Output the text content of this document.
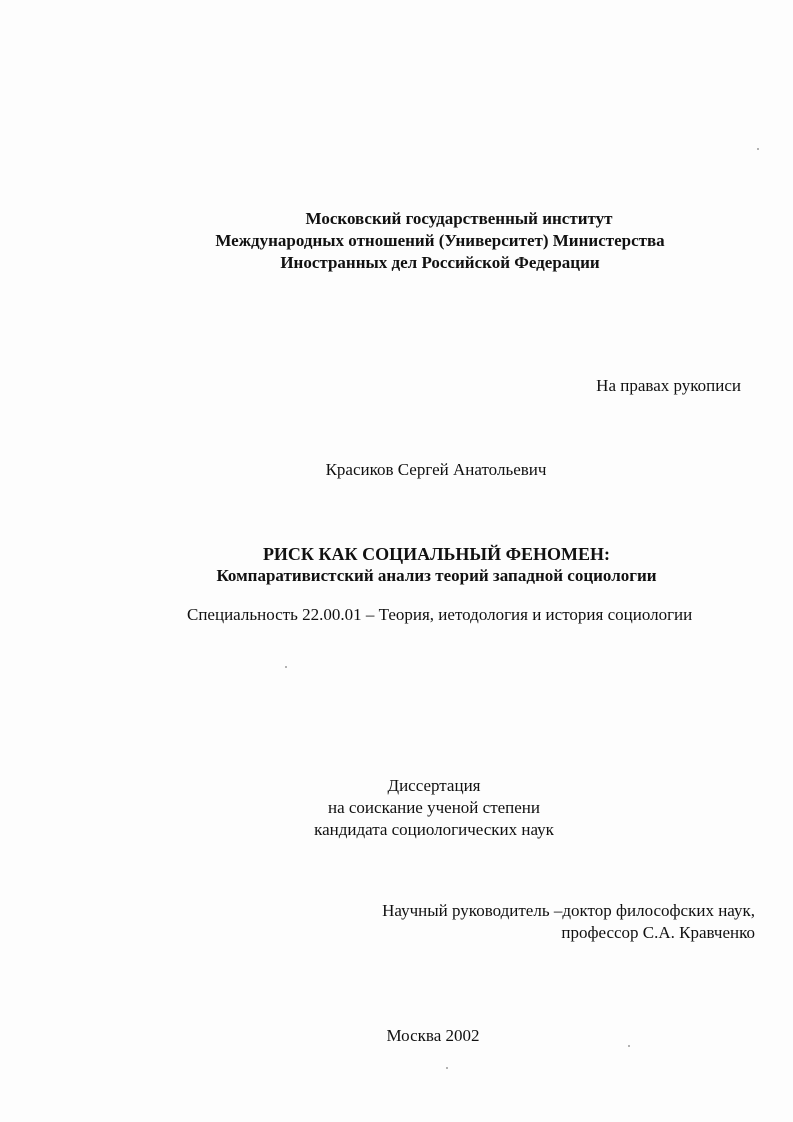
Московский государственный институт
Международных отношений (Университет) Министерства
Иностранных дел Российской Федерации
На правах рукописи
Красиков Сергей Анатольевич
РИСК КАК СОЦИАЛЬНЫЙ ФЕНОМЕН:
Компаративистский анализ теорий западной социологии
Специальность 22.00.01 – Теория, иетодология и история социологии
Диссертация
на соискание ученой степени
кандидата социологических наук
Научный руководитель –доктор философских наук,
профессор С.А. Кравченко
Москва 2002
